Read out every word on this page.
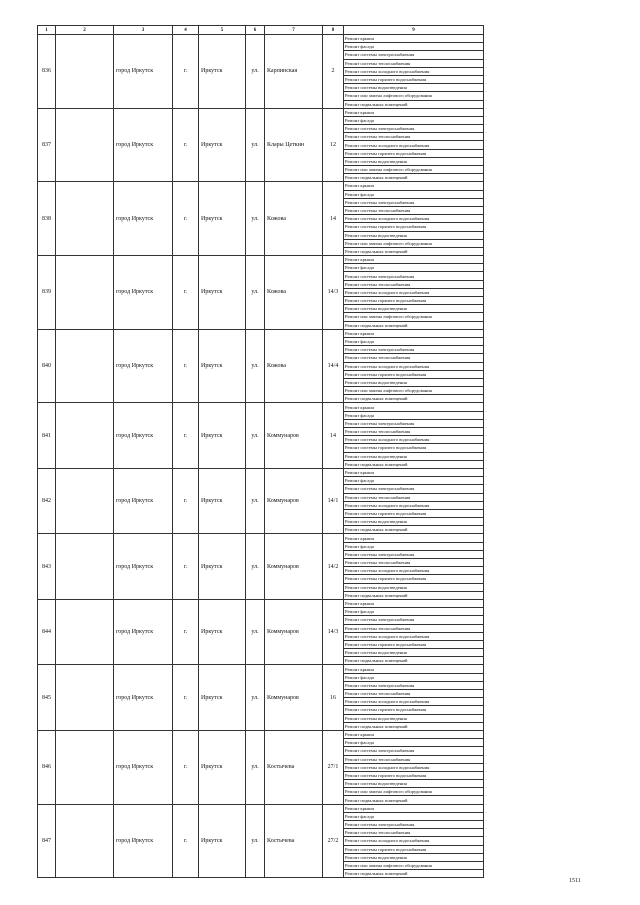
1	2	3	4	5	6	7	8	9
836		город Иркутск	г.	Иркутск	ул.	Карпинская	2	Ремонт крыши
								Ремонт фасада
								Ремонт системы электроснабжения
								Ремонт системы теплоснабжения
								Ремонт системы холодного водоснабжения
								Ремонт системы горячего водоснабжения
								Ремонт системы водоотведения
								Ремонт или замена лифтового оборудования
								Ремонт подвальных помещений
837		город Иркутск	г.	Иркутск	ул.	Клары Цеткин	12	Ремонт крыши
								Ремонт фасада
								Ремонт системы электроснабжения
								Ремонт системы теплоснабжения
								Ремонт системы холодного водоснабжения
								Ремонт системы горячего водоснабжения
								Ремонт системы водоотведения
								Ремонт или замена лифтового оборудования
								Ремонт подвальных помещений
838		город Иркутск	г.	Иркутск	ул.	Кожова	14	Ремонт крыши
								Ремонт фасада
								Ремонт системы электроснабжения
								Ремонт системы теплоснабжения
								Ремонт системы холодного водоснабжения
								Ремонт системы горячего водоснабжения
								Ремонт системы водоотведения
								Ремонт или замена лифтового оборудования
								Ремонт подвальных помещений
839		город Иркутск	г.	Иркутск	ул.	Кожова	14/3	Ремонт крыши
								Ремонт фасада
								Ремонт системы электроснабжения
								Ремонт системы теплоснабжения
								Ремонт системы холодного водоснабжения
								Ремонт системы горячего водоснабжения
								Ремонт системы водоотведения
								Ремонт или замена лифтового оборудования
								Ремонт подвальных помещений
840		город Иркутск	г.	Иркутск	ул.	Кожова	14/4	Ремонт крыши
								Ремонт фасада
								Ремонт системы электроснабжения
								Ремонт системы теплоснабжения
								Ремонт системы холодного водоснабжения
								Ремонт системы горячего водоснабжения
								Ремонт системы водоотведения
								Ремонт или замена лифтового оборудования
								Ремонт подвальных помещений
841		город Иркутск	г.	Иркутск	ул.	Коммунаров	14	Ремонт крыши
								Ремонт фасада
								Ремонт системы электроснабжения
								Ремонт системы теплоснабжения
								Ремонт системы холодного водоснабжения
								Ремонт системы горячего водоснабжения
								Ремонт системы водоотведения
								Ремонт подвальных помещений
842		город Иркутск	г.	Иркутск	ул.	Коммунаров	14/1	Ремонт крыши
								Ремонт фасада
								Ремонт системы электроснабжения
								Ремонт системы теплоснабжения
								Ремонт системы холодного водоснабжения
								Ремонт системы горячего водоснабжения
								Ремонт системы водоотведения
								Ремонт подвальных помещений
843		город Иркутск	г.	Иркутск	ул.	Коммунаров	14/2	Ремонт крыши
								Ремонт фасада
								Ремонт системы электроснабжения
								Ремонт системы теплоснабжения
								Ремонт системы холодного водоснабжения
								Ремонт системы горячего водоснабжения
								Ремонт системы водоотведения
								Ремонт подвальных помещений
844		город Иркутск	г.	Иркутск	ул.	Коммунаров	14/3	Ремонт крыши
								Ремонт фасада
								Ремонт системы электроснабжения
								Ремонт системы теплоснабжения
								Ремонт системы холодного водоснабжения
								Ремонт системы горячего водоснабжения
								Ремонт системы водоотведения
								Ремонт подвальных помещений
845		город Иркутск	г.	Иркутск	ул.	Коммунаров	16	Ремонт крыши
								Ремонт фасада
								Ремонт системы электроснабжения
								Ремонт системы теплоснабжения
								Ремонт системы холодного водоснабжения
								Ремонт системы горячего водоснабжения
								Ремонт системы водоотведения
								Ремонт подвальных помещений
846		город Иркутск	г.	Иркутск	ул.	Костычева	27/1	Ремонт крыши
								Ремонт фасада
								Ремонт системы электроснабжения
								Ремонт системы теплоснабжения
								Ремонт системы холодного водоснабжения
								Ремонт системы горячего водоснабжения
								Ремонт системы водоотведения
								Ремонт или замена лифтового оборудования
								Ремонт подвальных помещений
847		город Иркутск	г.	Иркутск	ул.	Костычева	27/2	Ремонт крыши
								Ремонт фасада
								Ремонт системы электроснабжения
								Ремонт системы теплоснабжения
								Ремонт системы холодного водоснабжения
								Ремонт системы горячего водоснабжения
								Ремонт системы водоотведения
								Ремонт или замена лифтового оборудования
								Ремонт подвальных помещений
1511
